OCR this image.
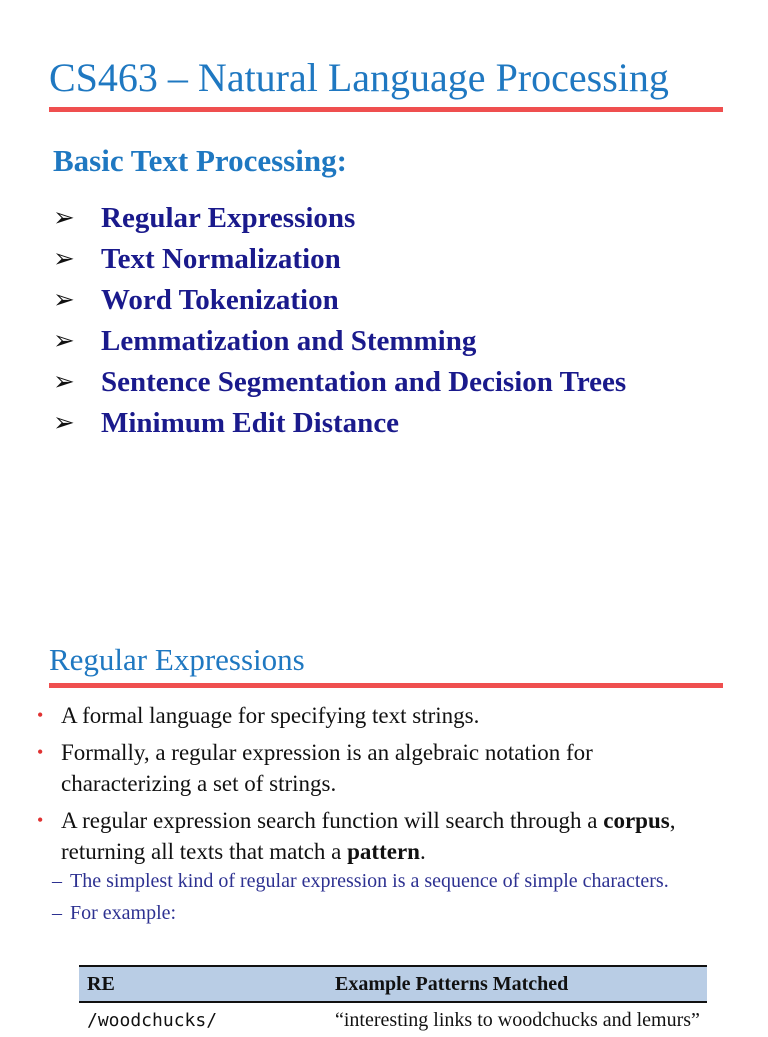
CS463 – Natural Language Processing
Basic Text Processing:
➢ Regular Expressions
➢ Text Normalization
➢ Word Tokenization
➢ Lemmatization and Stemming
➢ Sentence Segmentation and Decision Trees
➢ Minimum Edit Distance
Regular Expressions
• A formal language for specifying text strings.
• Formally, a regular expression is an algebraic notation for characterizing a set of strings.
• A regular expression search function will search through a corpus, returning all texts that match a pattern.
– The simplest kind of regular expression is a sequence of simple characters.
– For example:
RE	Example Patterns Matched
/woodchucks/	“interesting links to woodchucks and lemurs”
